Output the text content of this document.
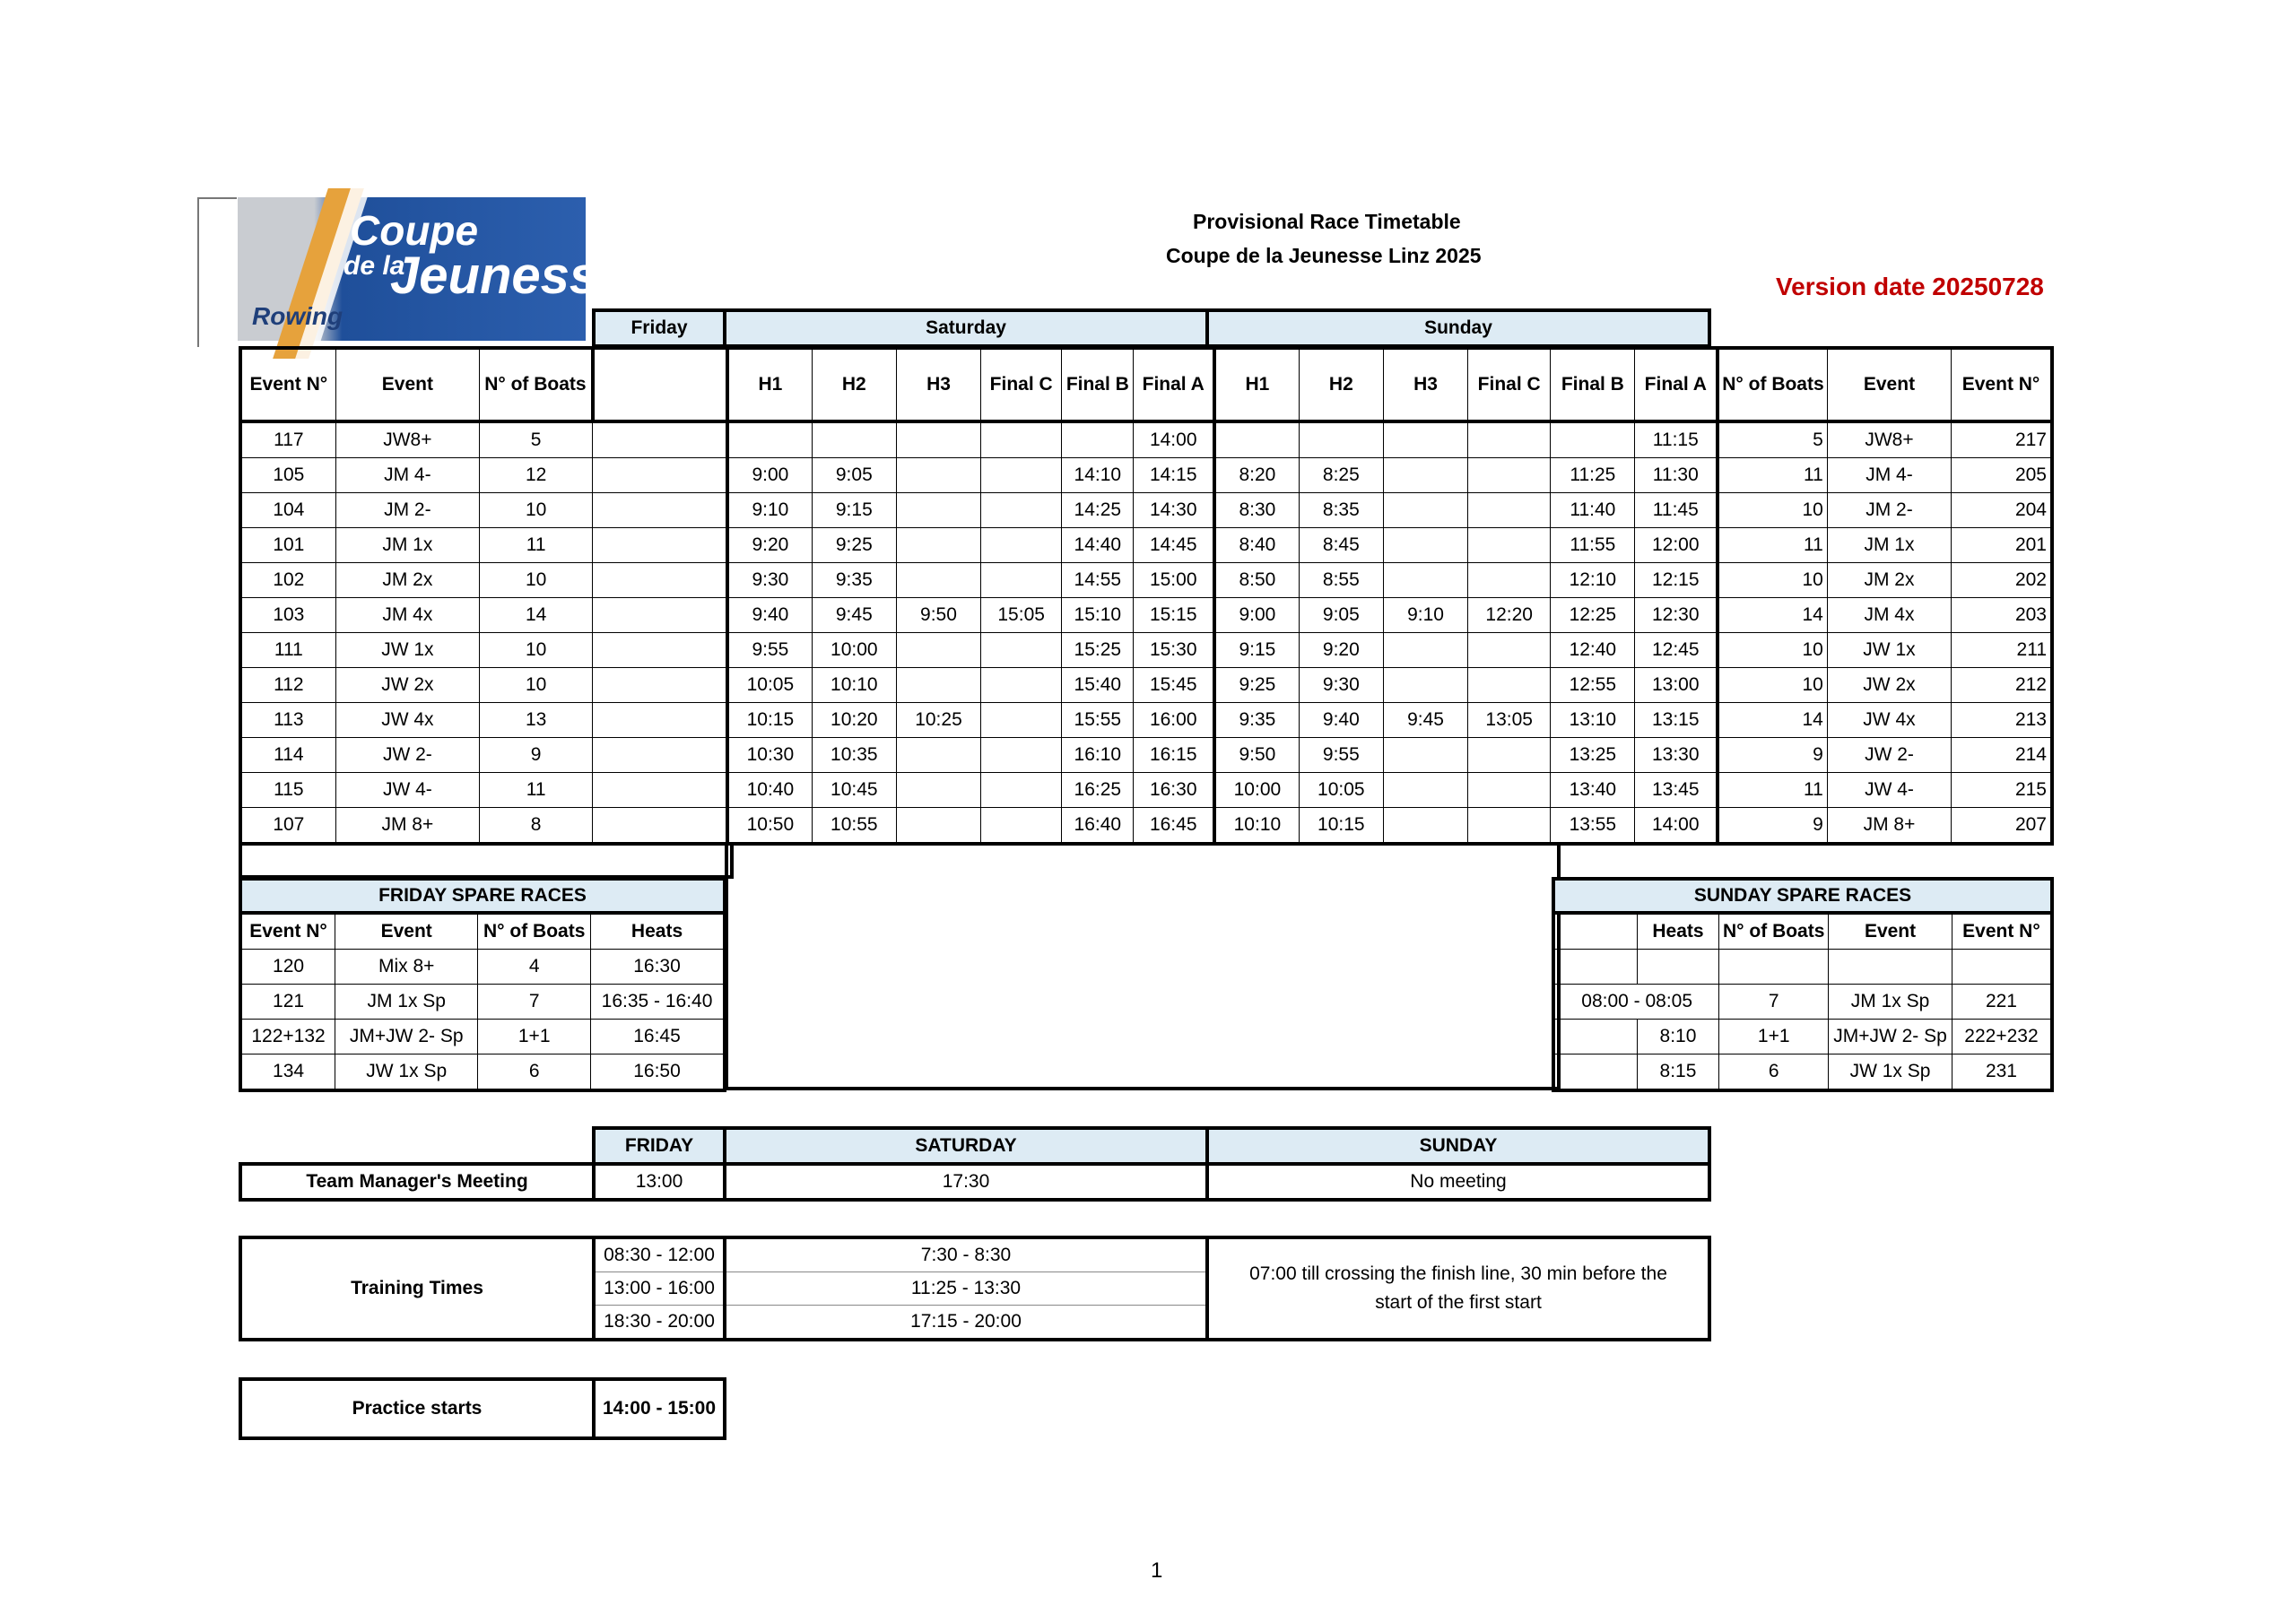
Coupe
de la
Jeunesse
Rowing
Provisional Race Timetable
Coupe de la Jeunesse Linz 2025
Version date 20250728
Friday	Saturday	Sunday
Event N°	Event	N° of Boats		H1	H2	H3	Final C	Final B	Final A	H1	H2	H3	Final C	Final B	Final A	N° of Boats	Event	Event N°
117	JW8+	5							14:00						11:15	5	JW8+	217
105	JM 4-	12		9:00	9:05			14:10	14:15	8:20	8:25			11:25	11:30	11	JM 4-	205
104	JM 2-	10		9:10	9:15			14:25	14:30	8:30	8:35			11:40	11:45	10	JM 2-	204
101	JM 1x	11		9:20	9:25			14:40	14:45	8:40	8:45			11:55	12:00	11	JM 1x	201
102	JM 2x	10		9:30	9:35			14:55	15:00	8:50	8:55			12:10	12:15	10	JM 2x	202
103	JM 4x	14		9:40	9:45	9:50	15:05	15:10	15:15	9:00	9:05	9:10	12:20	12:25	12:30	14	JM 4x	203
111	JW 1x	10		9:55	10:00			15:25	15:30	9:15	9:20			12:40	12:45	10	JW 1x	211
112	JW 2x	10		10:05	10:10			15:40	15:45	9:25	9:30			12:55	13:00	10	JW 2x	212
113	JW 4x	13		10:15	10:20	10:25		15:55	16:00	9:35	9:40	9:45	13:05	13:10	13:15	14	JW 4x	213
114	JW 2-	9		10:30	10:35			16:10	16:15	9:50	9:55			13:25	13:30	9	JW 2-	214
115	JW 4-	11		10:40	10:45			16:25	16:30	10:00	10:05			13:40	13:45	11	JW 4-	215
107	JM 8+	8		10:50	10:55			16:40	16:45	10:10	10:15			13:55	14:00	9	JM 8+	207
FRIDAY SPARE RACES			
Event N°	Event	N° of Boats	Heats
120	Mix 8+	4	16:30
121	JM 1x Sp	7	16:35 - 16:40
122+132	JM+JW 2- Sp	1+1	16:45
134	JW 1x Sp	6	16:50
SUNDAY SPARE RACES				
	Heats	N° of Boats	Event	Event N°

08:00 - 08:05		7	JM 1x Sp	221
	8:10	1+1	JM+JW 2- Sp	222+232
	8:15	6	JW 1x Sp	231
FRIDAY	SATURDAY	SUNDAY
Team Manager's Meeting	13:00	17:30	No meeting
Training Times	08:30 - 12:00	7:30 - 8:30	07:00 till crossing the finish line, 30 min before the
start of the first start
	13:00 - 16:00	11:25 - 13:30	
	18:30 - 20:00	17:15 - 20:00	
Practice starts	14:00 - 15:00
1
